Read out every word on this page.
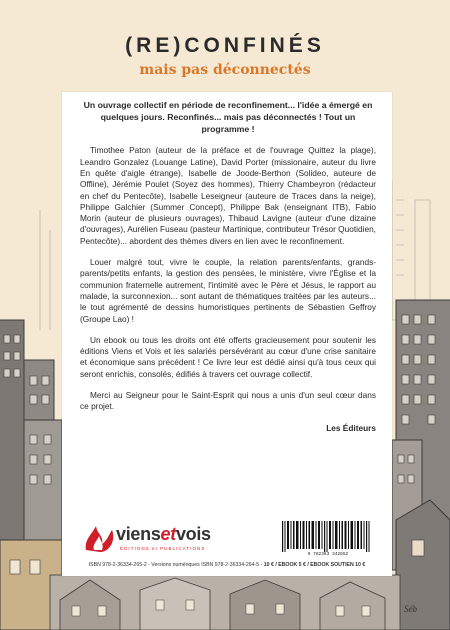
(RE)CONFINÉS
mais pas déconnectés

Un ouvrage collectif en période de reconfinement... l'idée a émergé en quelques jours. Reconfinés... mais pas déconnectés ! Tout un programme !

Timothee Paton (auteur de la préface et de l'ouvrage Quittez la plage), Leandro Gonzalez (Louange Latine), David Porter (missionaire, auteur du livre En quête d'aigle étrange), Isabelle de Joode-Berthon (Solideo, auteure de Offline), Jérémie Poulet (Soyez des hommes), Thierry Chambeyron (rédacteur en chef du Pentecôte), Isabelle Leseigneur (auteure de Traces dans la neige), Philippe Galchier (Summer Concept), Philippe Bak (enseignant ITB), Fabio Morin (auteur de plusieurs ouvrages), Thibaud Lavigne (auteur d'une dizaine d'ouvrages), Aurélien Fuseau (pasteur Martinique, contributeur Trésor Quotidien, Pentecôte)... abordent des thèmes divers en lien avec le reconfinement.

Louer malgré tout, vivre le couple, la relation parents/enfants, grands-parents/petits enfants, la gestion des pensées, le ministère, vivre l'Église et la communion fraternelle autrement, l'intimité avec le Père et Jésus, le rapport au malade, la surconnexion... sont autant de thématiques traitées par les auteurs... le tout agrémenté de dessins humoristiques pertinents de Sébastien Geffroy (Groupe Lao) !

Un ebook ou tous les droits ont été offerts gracieusement pour soutenir les éditions Viens et Vois et les salariés persévérant au cœur d'une crise sanitaire et économique sans précédent ! Ce livre leur est dédié ainsi qu'à tous ceux qui seront enrichis, consolés, édifiés à travers cet ouvrage collectif.

Merci au Seigneur pour le Saint-Esprit qui nous a unis d'un seul cœur dans ce projet.

Les Éditeurs

viensetvois
ÉDITIONS et PUBLICATIONS
9 782363 342652
ISBN 978-2-36334-265-2 - Versions numériques ISBN 978-2-36334-264-5 - 10 € / EBOOK 5 € / EBOOK SOUTIEN 10 €
Séb
